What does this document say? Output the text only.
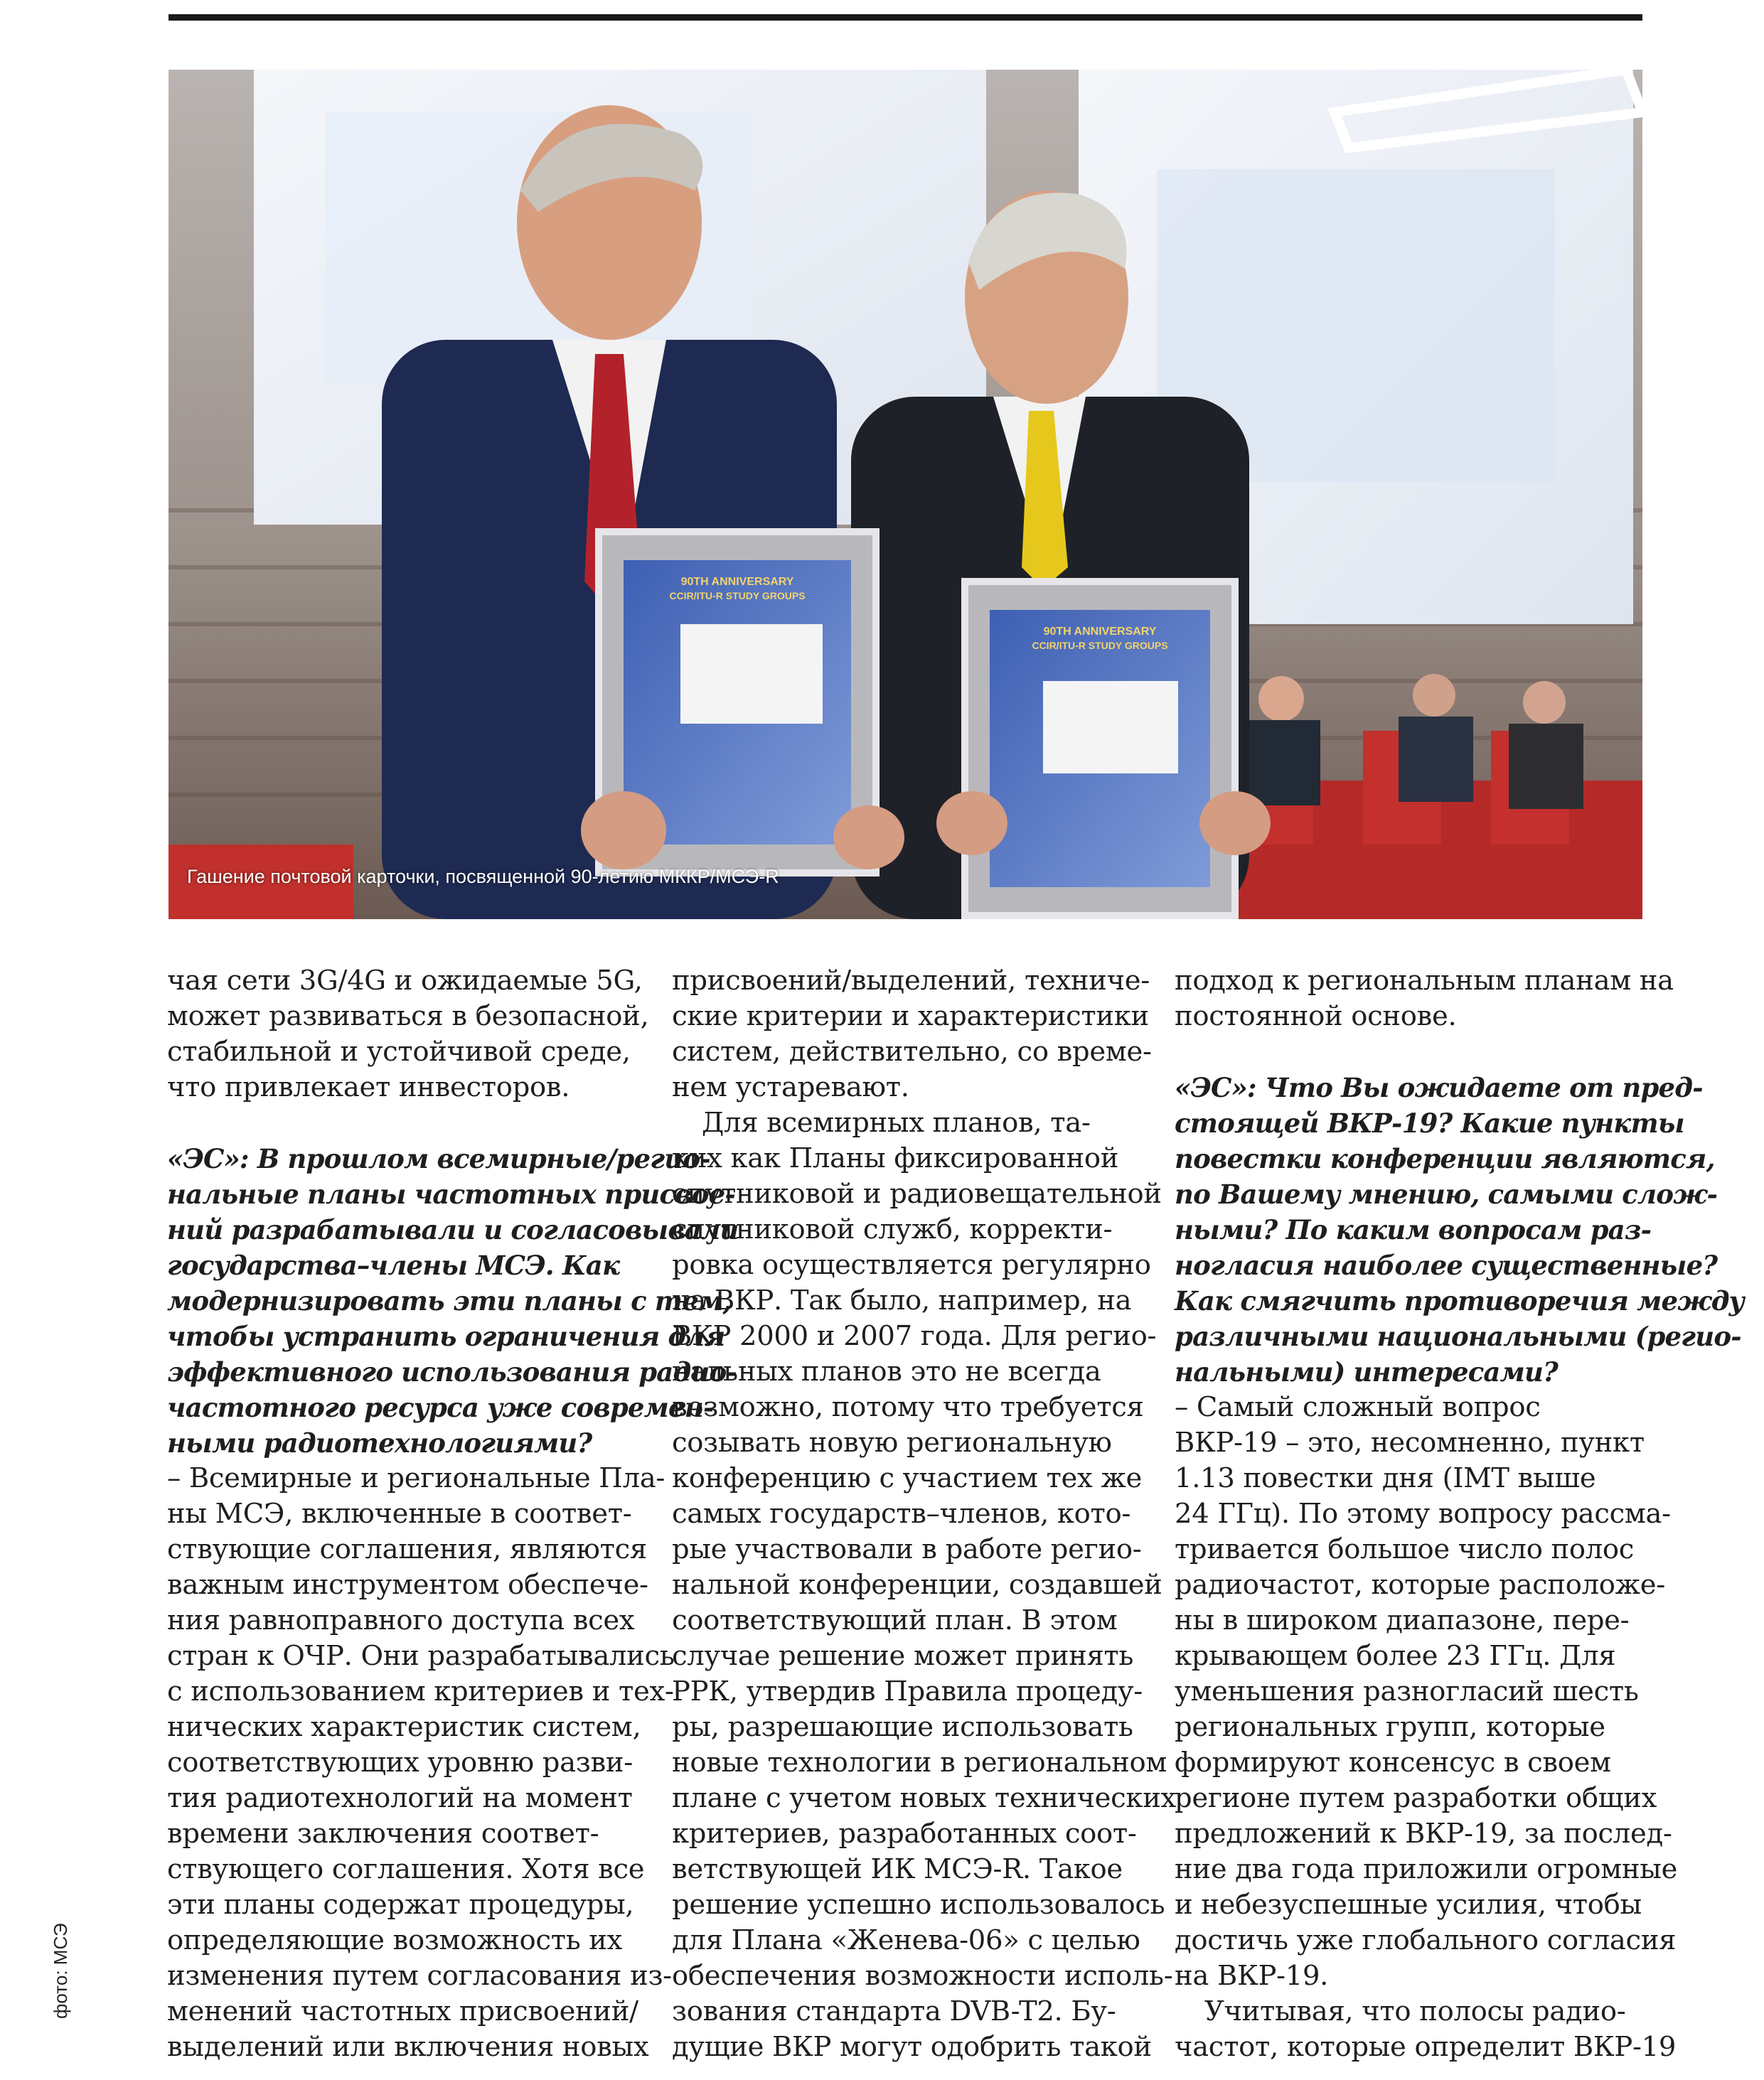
90TH ANNIVERSARY
CCIR/ITU-R STUDY GROUPS
90TH ANNIVERSARY
CCIR/ITU-R STUDY GROUPS
Гашение почтовой карточки, посвященной 90-летию МККР/МСЭ-R
фото: МСЭ
чая сети 3G/4G и ожидаемые 5G,
может развиваться в безопасной,
стабильной и устойчивой среде,
что привлекает инвесторов.
«ЭС»: В прошлом всемирные/регио-
нальные планы частотных присвое-
ний разрабатывали и согласовывали
государства–члены МСЭ. Как
модернизировать эти планы с тем,
чтобы устранить ограничения для
эффективного использования радио-
частотного ресурса уже современ-
ными радиотехнологиями?
– Всемирные и региональные Пла-
ны МСЭ, включенные в соответ-
ствующие соглашения, являются
важным инструментом обеспече-
ния равноправного доступа всех
стран к ОЧР. Они разрабатывались
с использованием критериев и тех-
нических характеристик систем,
соответствующих уровню разви-
тия радиотехнологий на момент
времени заключения соответ-
ствующего соглашения. Хотя все
эти планы содержат процедуры,
определяющие возможность их
изменения путем согласования из-
менений частотных присвоений/
выделений или включения новых
присвоений/выделений, техниче-
ские критерии и характеристики
систем, действительно, со време-
нем устаревают.
Для всемирных планов, та-
ких как Планы фиксированной
спутниковой и радиовещательной
спутниковой служб, корректи-
ровка осуществляется регулярно
на ВКР. Так было, например, на
ВКР 2000 и 2007 года. Для регио-
нальных планов это не всегда
возможно, потому что требуется
созывать новую региональную
конференцию с участием тех же
самых государств–членов, кото-
рые участвовали в работе регио-
нальной конференции, создавшей
соответствующий план. В этом
случае решение может принять
РРК, утвердив Правила процеду-
ры, разрешающие использовать
новые технологии в региональном
плане с учетом новых технических
критериев, разработанных соот-
ветствующей ИК МСЭ-R. Такое
решение успешно использовалось
для Плана «Женева-06» с целью
обеспечения возможности исполь-
зования стандарта DVB-T2. Бу-
дущие ВКР могут одобрить такой
подход к региональным планам на
постоянной основе.
«ЭС»: Что Вы ожидаете от пред-
стоящей ВКР-19? Какие пункты
повестки конференции являются,
по Вашему мнению, самыми слож-
ными? По каким вопросам раз-
ногласия наиболее существенные?
Как смягчить противоречия между
различными национальными (регио-
нальными) интересами?
– Самый сложный вопрос
ВКР-19 – это, несомненно, пункт
1.13 повестки дня (IMT выше
24 ГГц). По этому вопросу рассма-
тривается большое число полос
радиочастот, которые расположе-
ны в широком диапазоне, пере-
крывающем более 23 ГГц. Для
уменьшения разногласий шесть
региональных групп, которые
формируют консенсус в своем
регионе путем разработки общих
предложений к ВКР-19, за послед-
ние два года приложили огромные
и небезуспешные усилия, чтобы
достичь уже глобального согласия
на ВКР-19.
Учитывая, что полосы радио-
частот, которые определит ВКР-19
